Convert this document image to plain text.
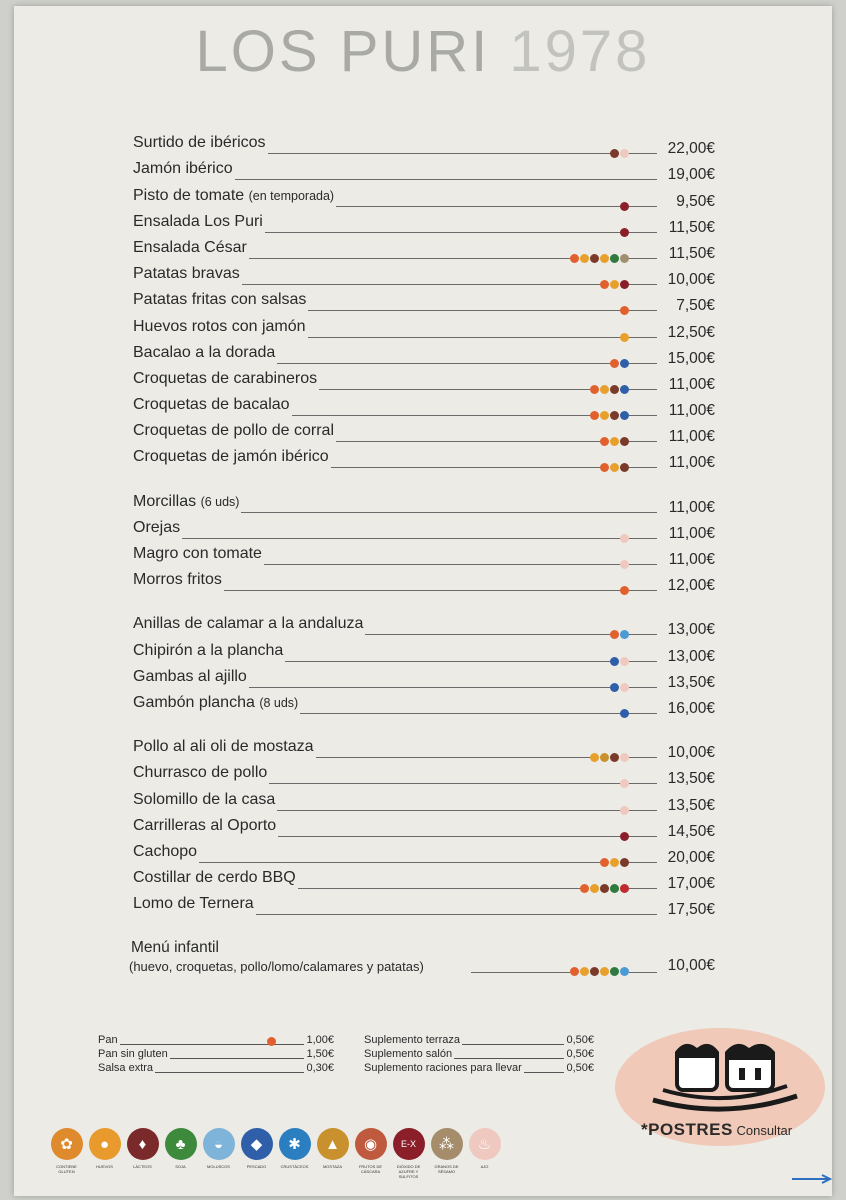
LOS PURI 1978
Surtido de ibéricos	22,00€
Jamón ibérico	19,00€
Pisto de tomate (en temporada)	9,50€
Ensalada Los Puri	11,50€
Ensalada César	11,50€
Patatas bravas	10,00€
Patatas fritas con salsas	7,50€
Huevos rotos con jamón	12,50€
Bacalao a la dorada	15,00€
Croquetas de carabineros	11,00€
Croquetas de bacalao	11,00€
Croquetas de pollo de corral	11,00€
Croquetas de jamón ibérico	11,00€
Morcillas (6 uds)	11,00€
Orejas	11,00€
Magro con tomate	11,00€
Morros fritos	12,00€
Anillas de calamar a la andaluza	13,00€
Chipirón a la plancha	13,00€
Gambas al ajillo	13,50€
Gambón plancha (8 uds)	16,00€
Pollo al ali oli de mostaza	10,00€
Churrasco de pollo	13,50€
Solomillo de la casa	13,50€
Carrilleras al Oporto	14,50€
Cachopo	20,00€
Costillar de cerdo BBQ	17,00€
Lomo de Ternera	17,50€
Menú infantil
(huevo, croquetas, pollo/lomo/calamares y patatas)	10,00€
Pan	1,00€
Pan sin gluten	1,50€
Salsa extra	0,30€
Suplemento terraza	0,50€
Suplemento salón	0,50€
Suplemento raciones para llevar	0,50€
*POSTRES Consultar
✿
CONTIENE GLUTEN
●
HUEVOS
♦
LÁCTEOS
♣
SOJA
◒
MOLUSCOS
◆
PESCADO
✱
CRUSTÁCEOS
▲
MOSTAZA
◉
FRUTOS DE CÁSCARA
E-X
DIÓXIDO DE AZUFRE Y SULFITOS
⁂
GRANOS DE SÉSAMO
♨
AJO
